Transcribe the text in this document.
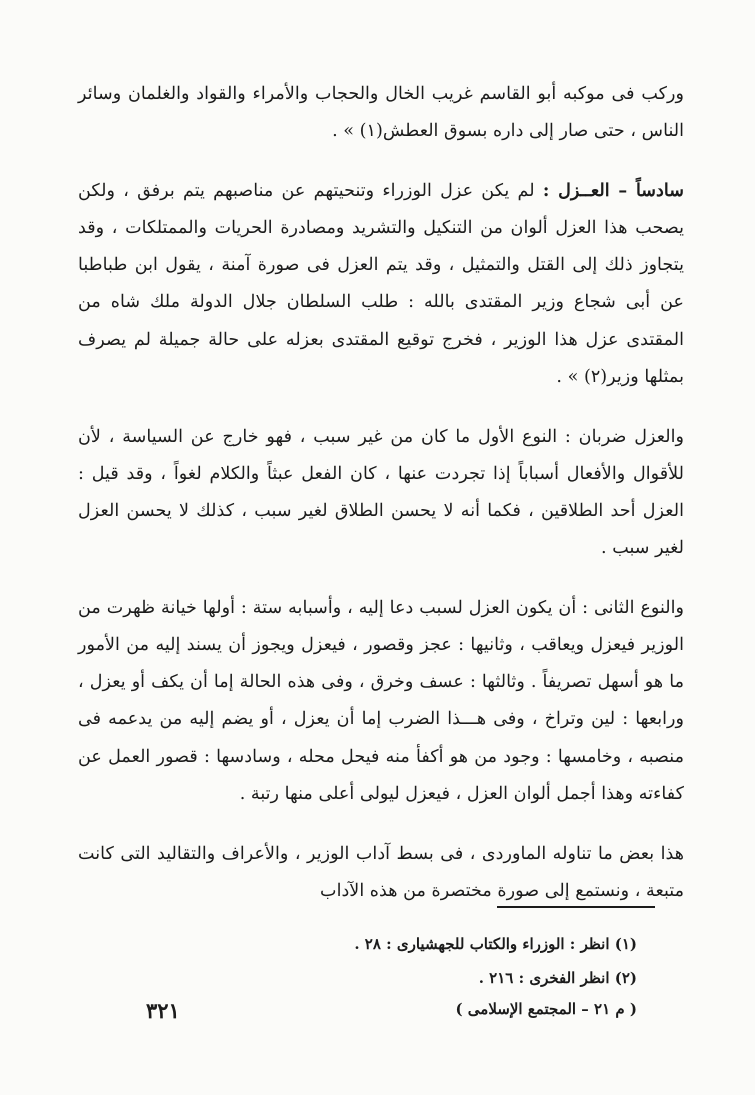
وركب فى موكبه أبو القاسم غريب الخال والحجاب والأمراء والقواد والغلمان وسائر الناس ، حتى صار إلى داره بسوق العطش(١) » .

سادساً – العــزل : لم يكن عزل الوزراء وتنحيتهم عن مناصبهم يتم برفق ، ولكن يصحب هذا العزل ألوان من التنكيل والتشريد ومصادرة الحريات والممتلكات ، وقد يتجاوز ذلك إلى القتل والتمثيل ، وقد يتم العزل فى صورة آمنة ، يقول ابن طباطبا عن أبى شجاع وزير المقتدى بالله : طلب السلطان جلال الدولة ملك شاه من المقتدى عزل هذا الوزير ، فخرج توقيع المقتدى بعزله على حالة جميلة لم يصرف بمثلها وزير(٢) » .

والعزل ضربان : النوع الأول ما كان من غير سبب ، فهو خارج عن السياسة ، لأن للأقوال والأفعال أسباباً إذا تجردت عنها ، كان الفعل عبثاً والكلام لغواً ، وقد قيل : العزل أحد الطلاقين ، فكما أنه لا يحسن الطلاق لغير سبب ، كذلك لا يحسن العزل لغير سبب .

والنوع الثانى : أن يكون العزل لسبب دعا إليه ، وأسبابه ستة : أولها خيانة ظهرت من الوزير فيعزل ويعاقب ، وثانيها : عجز وقصور ، فيعزل ويجوز أن يسند إليه من الأمور ما هو أسهل تصريفاً . وثالثها : عسف وخرق ، وفى هذه الحالة إما أن يكف أو يعزل ، ورابعها : لين وتراخ ، وفى هـــذا الضرب إما أن يعزل ، أو يضم إليه من يدعمه فى منصبه ، وخامسها : وجود من هو أكفأ منه فيحل محله ، وسادسها : قصور العمل عن كفاءته وهذا أجمل ألوان العزل ، فيعزل ليولى أعلى منها رتبة .

هذا بعض ما تناوله الماوردى ، فى بسط آداب الوزير ، والأعراف والتقاليد التى كانت متبعة ، ونستمع إلى صورة مختصرة من هذه الآداب

(١) انظر : الوزراء والكتاب للجهشيارى : ٢٨ .
(٢) انظر الفخرى : ٢١٦ .
٣٢١	( م ٢١ – المجتمع الإسلامى )
